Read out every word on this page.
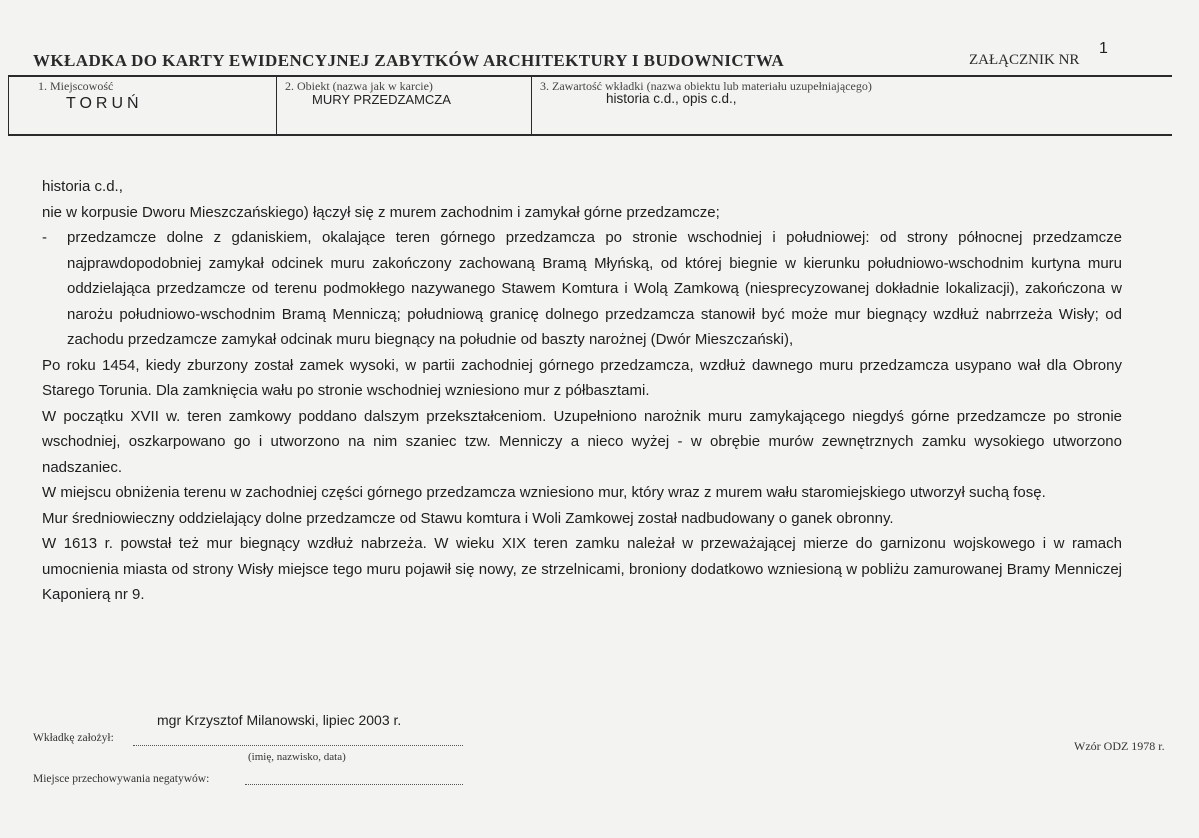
WKŁADKA DO KARTY EWIDENCYJNEJ ZABYTKÓW ARCHITEKTURY I BUDOWNICTWA	ZAŁĄCZNIK NR
1
1. Miejscowość
TORUŃ
2. Obiekt (nazwa jak w karcie)
MURY PRZEDZAMCZA
3. Zawartość wkładki (nazwa obiektu lub materiału uzupełniającego)
historia c.d., opis c.d.,

historia c.d.,

nie w korpusie Dworu Mieszczańskiego) łączył się z murem zachodnim i zamykał górne przedzamcze;

- przedzamcze dolne z gdaniskiem, okalające teren górnego przedzamcza po stronie wschodniej i południowej: od strony północnej przedzamcze najprawdopodobniej zamykał odcinek muru zakończony zachowaną Bramą Młyńską, od której biegnie w kierunku południowo-wschodnim kurtyna muru oddzielająca przedzamcze od terenu podmokłego nazywanego Stawem Komtura i Wolą Zamkową (niesprecyzowanej dokładnie lokalizacji), zakończona w narożu południowo-wschodnim Bramą Menniczą; południową granicę dolnego przedzamcza stanowił być może mur biegnący wzdłuż nabrrzeża Wisły; od zachodu przedzamcze zamykał odcinak muru biegnący na południe od baszty narożnej (Dwór Mieszczański),

Po roku 1454, kiedy zburzony został zamek wysoki, w partii zachodniej górnego przedzamcza, wzdłuż dawnego muru przedzamcza usypano wał dla Obrony Starego Torunia. Dla zamknięcia wału po stronie wschodniej wzniesiono mur z półbasztami.

W początku XVII w. teren zamkowy poddano dalszym przekształceniom. Uzupełniono narożnik muru zamykającego niegdyś górne przedzamcze po stronie wschodniej, oszkarpowano go i utworzono na nim szaniec tzw. Menniczy a nieco wyżej - w obrębie murów zewnętrznych zamku wysokiego utworzono nadszaniec.

W miejscu obniżenia terenu w zachodniej części górnego przedzamcza wzniesiono mur, który wraz z murem wału staromiejskiego utworzył suchą fosę.

Mur średniowieczny oddzielający dolne przedzamcze od Stawu komtura i Woli Zamkowej został nadbudowany o ganek obronny.

W 1613 r. powstał też mur biegnący wzdłuż nabrzeża. W wieku XIX teren zamku należał w przeważającej mierze do garnizonu wojskowego i w ramach umocnienia miasta od strony Wisły miejsce tego muru pojawił się nowy, ze strzelnicami, broniony dodatkowo wzniesioną w pobliżu zamurowanej Bramy Menniczej Kaponierą nr 9.

Wkładkę założył:
mgr Krzysztof Milanowski, lipiec 2003 r.
(imię, nazwisko, data)
Miejsce przechowywania negatywów:
Wzór ODZ 1978 r.
